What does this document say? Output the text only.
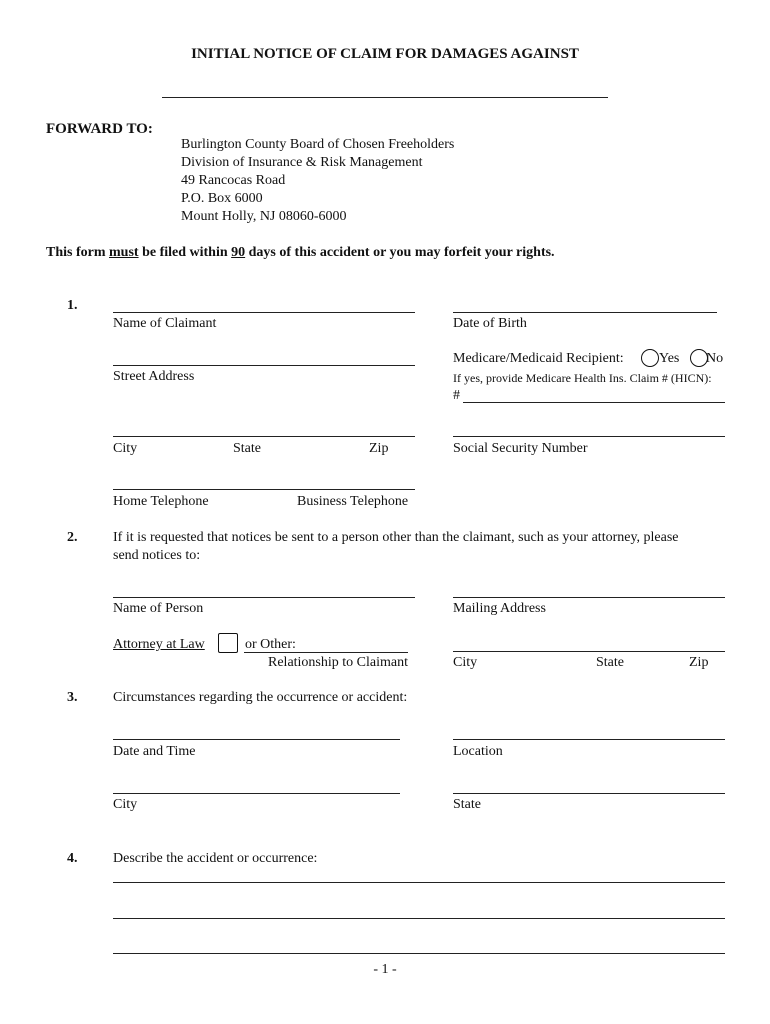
INITIAL NOTICE OF CLAIM FOR DAMAGES AGAINST
FORWARD TO:
Burlington County Board of Chosen Freeholders
Division of Insurance & Risk Management
49 Rancocas Road
P.O. Box 6000
Mount Holly, NJ 08060-6000
This form must be filed within 90 days of this accident or you may forfeit your rights.
1.
Name of Claimant	Date of Birth
Street Address
Medicare/Medicaid Recipient:	Yes No
If yes, provide Medicare Health Ins. Claim # (HICN):
#
City	State	Zip	Social Security Number
Home Telephone	Business Telephone
2.	If it is requested that notices be sent to a person other than the claimant, such as your attorney, please
send notices to:
Name of Person	Mailing Address
Attorney at Law	or Other:
Relationship to Claimant	City	State	Zip
3.	Circumstances regarding the occurrence or accident:
Date and Time	Location
City	State
4.	Describe the accident or occurrence:
- 1 -
